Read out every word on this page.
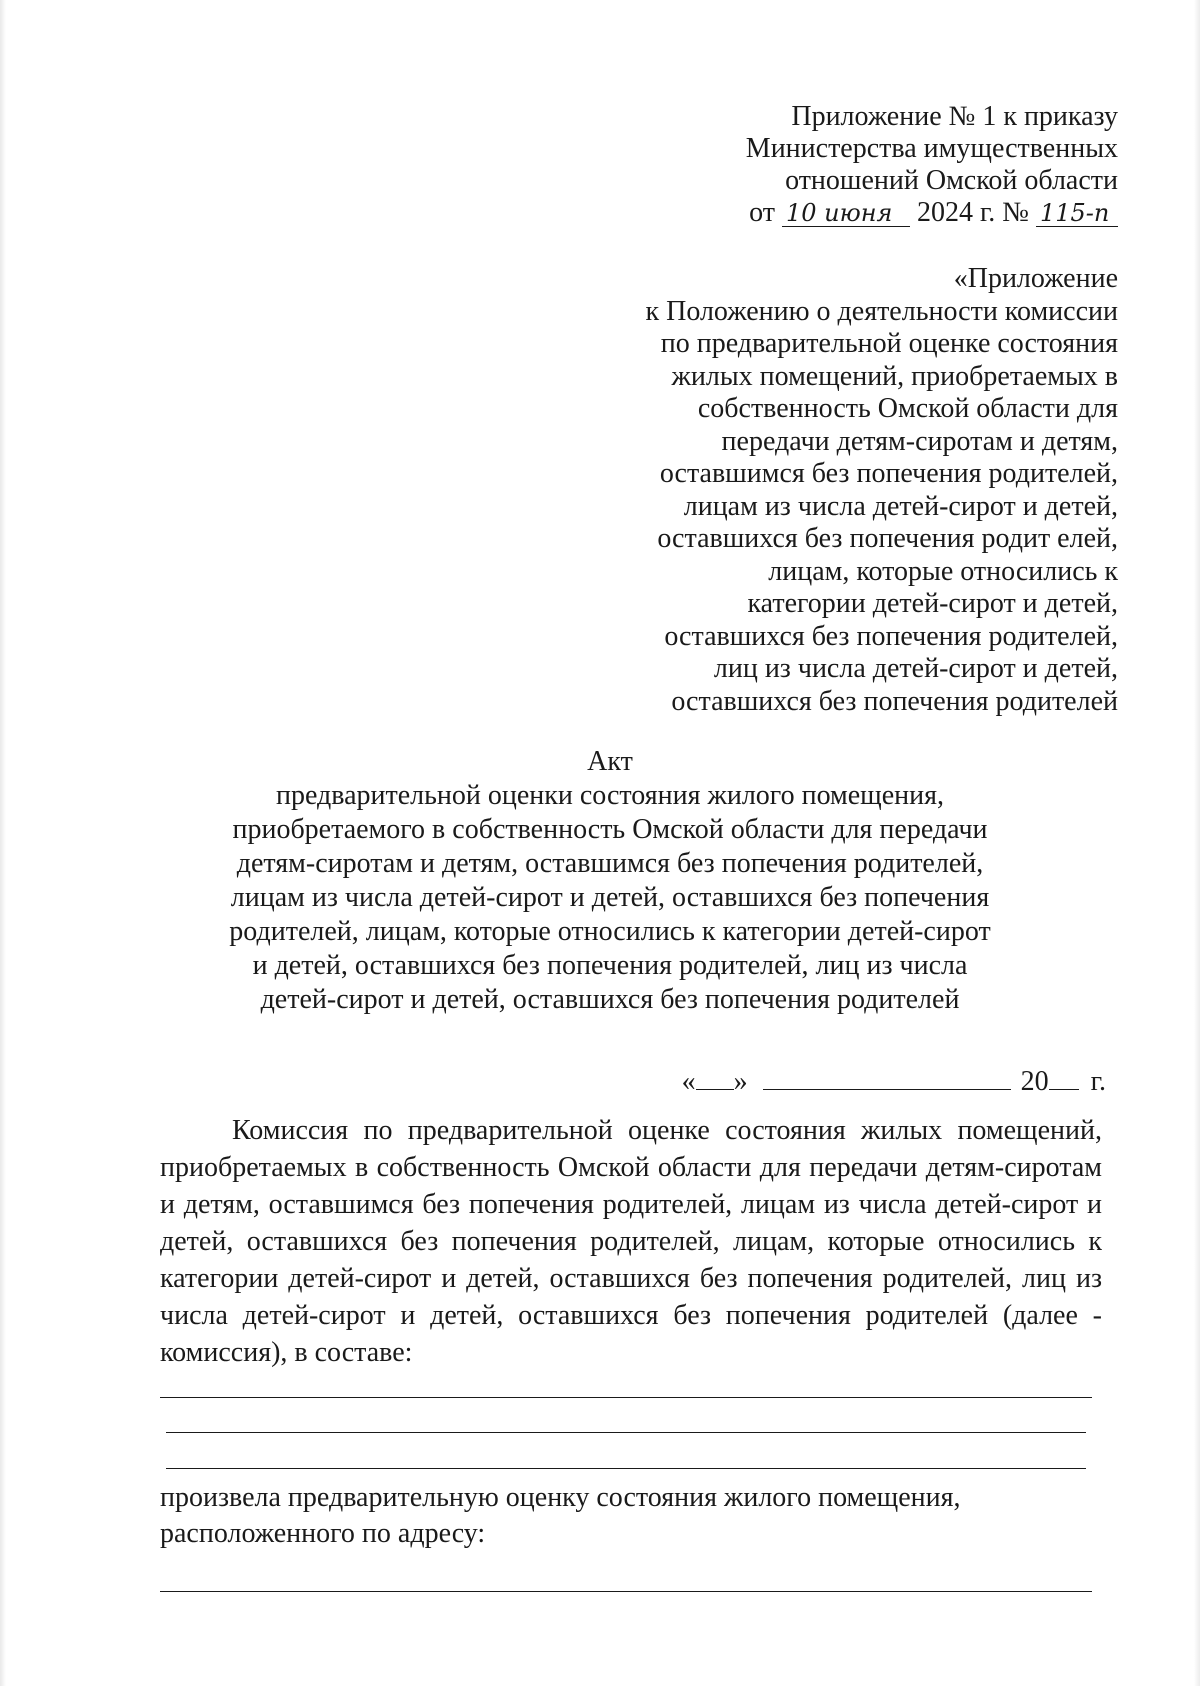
Приложение № 1 к приказу
Министерства имущественных
отношений Омской области
от 10 июня 2024 г. № 115-п
«Приложение
к Положению о деятельности комиссии
по предварительной оценке состояния
жилых помещений, приобретаемых в
собственность Омской области для
передачи детям-сиротам и детям,
оставшимся без попечения родителей,
лицам из числа детей-сирот и детей,
оставшихся без попечения родит елей,
лицам, которые относились к
категории детей-сирот и детей,
оставшихся без попечения родителей,
лиц из числа детей-сирот и детей,
оставшихся без попечения родителей
Акт
предварительной оценки состояния жилого помещения,
приобретаемого в собственность Омской области для передачи
детям-сиротам и детям, оставшимся без попечения родителей,
лицам из числа детей-сирот и детей, оставшихся без попечения
родителей, лицам, которые относились к категории детей-сирот
и детей, оставшихся без попечения родителей, лиц из числа
детей-сирот и детей, оставшихся без попечения родителей
« »	20 г.
Комиссия по предварительной оценке состояния жилых помещений,
приобретаемых в собственность Омской области для передачи детям-сиротам
и детям, оставшимся без попечения родителей, лицам из числа детей-сирот и
детей, оставшихся без попечения родителей, лицам, которые относились к
категории детей-сирот и детей, оставшихся без попечения родителей, лиц из
числа детей-сирот и детей, оставшихся без попечения родителей (далее -
комиссия), в составе:
произвела предварительную оценку состояния жилого помещения,
расположенного по адресу:
